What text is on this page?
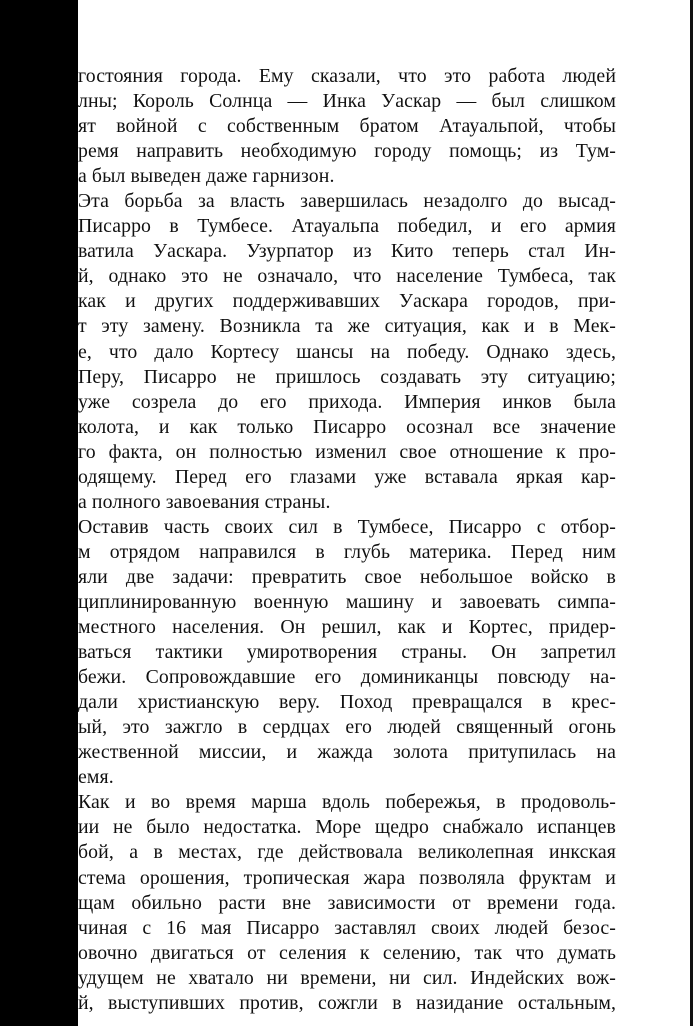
гостояния города. Ему сказали, что это работа людей
лны; Король Солнца — Инка Уаскар — был слишком
ят войной с собственным братом Атауальпой, чтобы
ремя направить необходимую городу помощь; из Тум-
а был выведен даже гарнизон.
Эта борьба за власть завершилась незадолго до высад-
Писарро в Тумбесе. Атауальпа победил, и его армия
ватила Уаскара. Узурпатор из Кито теперь стал Ин-
й, однако это не означало, что население Тумбеса, так
как и других поддерживавших Уаскара городов, при-
т эту замену. Возникла та же ситуация, как и в Мек-
е, что дало Кортесу шансы на победу. Однако здесь,
Перу, Писарро не пришлось создавать эту ситуацию;
уже созрела до его прихода. Империя инков была
колота, и как только Писарро осознал все значение
го факта, он полностью изменил свое отношение к про-
одящему. Перед его глазами уже вставала яркая кар-
а полного завоевания страны.
Оставив часть своих сил в Тумбесе, Писарро с отбор-
м отрядом направился в глубь материка. Перед ним
яли две задачи: превратить свое небольшое войско в
циплинированную военную машину и завоевать симпа-
местного населения. Он решил, как и Кортес, придер-
ваться тактики умиротворения страны. Он запретил
бежи. Сопровождавшие его доминиканцы повсюду на-
дали христианскую веру. Поход превращался в крес-
ый, это зажгло в сердцах его людей священный огонь
жественной миссии, и жажда золота притупилась на
емя.
Как и во время марша вдоль побережья, в продоволь-
ии не было недостатка. Море щедро снабжало испанцев
бой, а в местах, где действовала великолепная инкская
стема орошения, тропическая жара позволяла фруктам и
щам обильно расти вне зависимости от времени года.
чиная с 16 мая Писарро заставлял своих людей безос-
овочно двигаться от селения к селению, так что думать
удущем не хватало ни времени, ни сил. Индейских вож-
й, выступивших против, сожгли в назидание остальным,
